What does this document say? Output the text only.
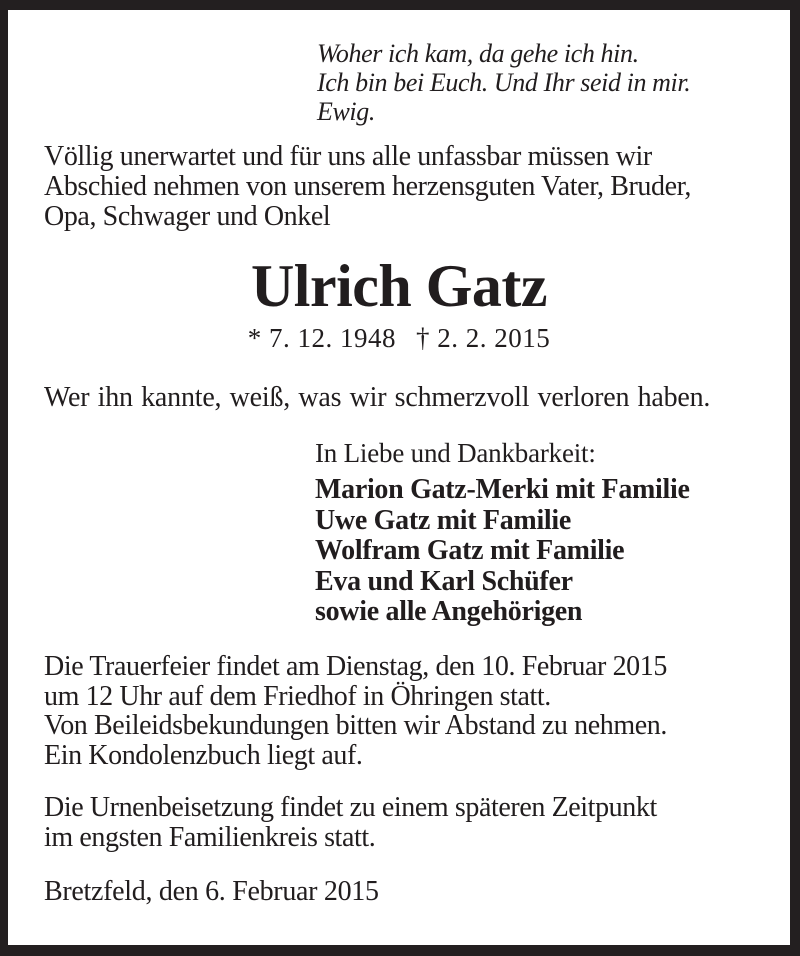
Woher ich kam, da gehe ich hin.
Ich bin bei Euch. Und Ihr seid in mir.
Ewig.
Völlig unerwartet und für uns alle unfassbar müssen wir
Abschied nehmen von unserem herzensguten Vater, Bruder,
Opa, Schwager und Onkel
Ulrich Gatz
* 7. 12. 1948 † 2. 2. 2015
Wer ihn kannte, weiß, was wir schmerzvoll verloren haben.
In Liebe und Dankbarkeit:
Marion Gatz-Merki mit Familie
Uwe Gatz mit Familie
Wolfram Gatz mit Familie
Eva und Karl Schüfer
sowie alle Angehörigen
Die Trauerfeier findet am Dienstag, den 10. Februar 2015
um 12 Uhr auf dem Friedhof in Öhringen statt.
Von Beileidsbekundungen bitten wir Abstand zu nehmen.
Ein Kondolenzbuch liegt auf.
Die Urnenbeisetzung findet zu einem späteren Zeitpunkt
im engsten Familienkreis statt.
Bretzfeld, den 6. Februar 2015
